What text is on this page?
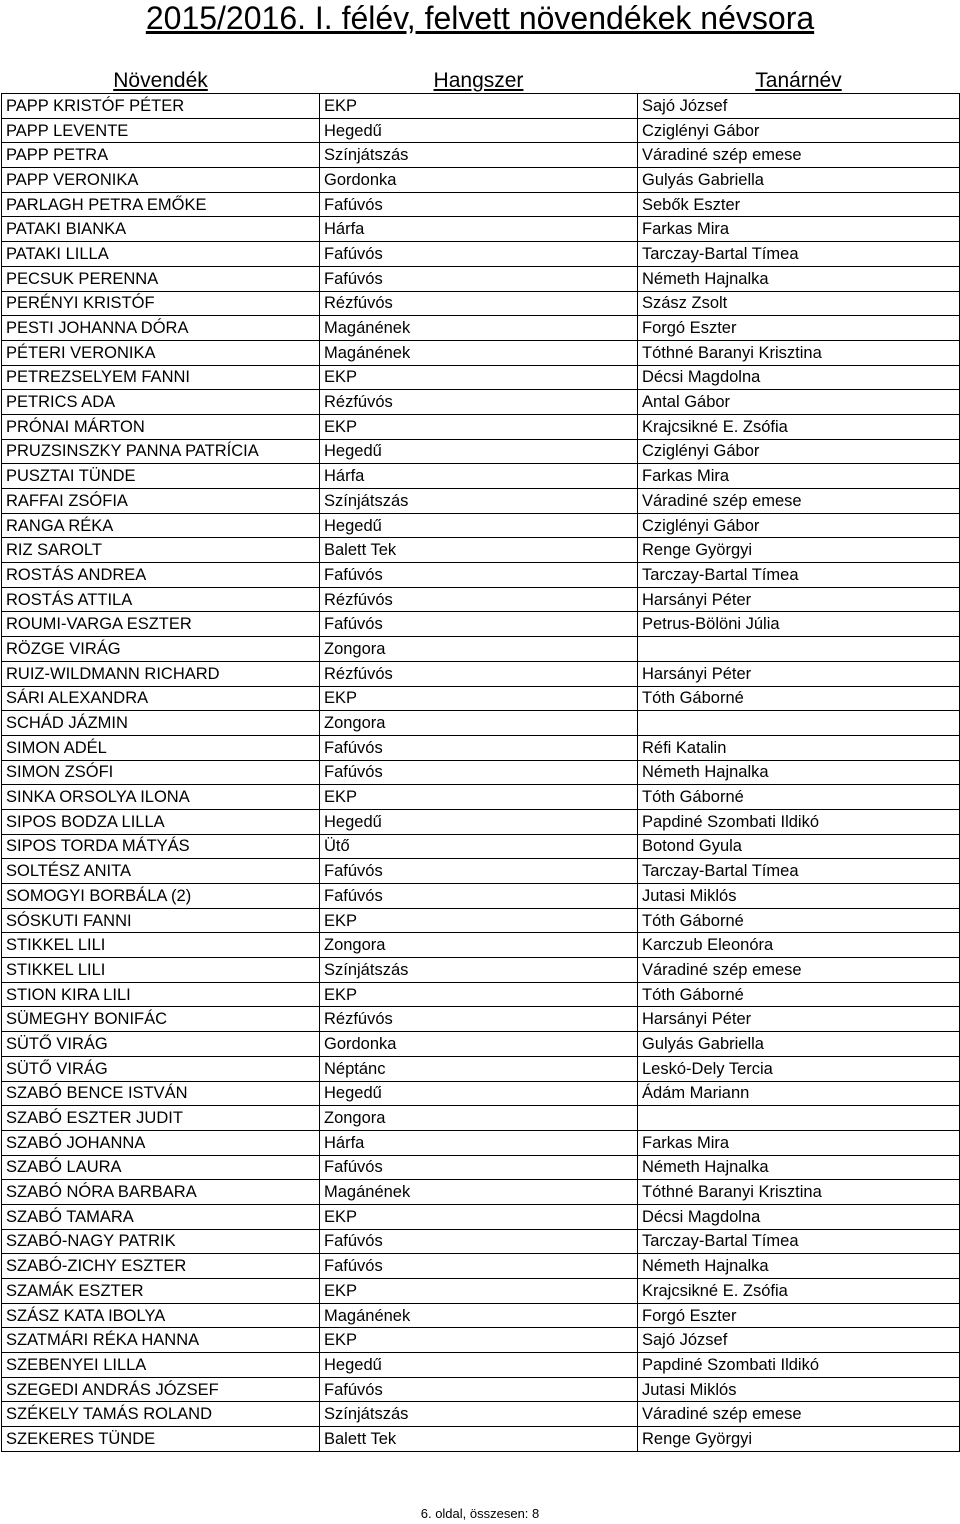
2015/2016. I. félév, felvett növendékek névsora
Növendék	Hangszer	Tanárnév
PAPP KRISTÓF PÉTER	EKP	Sajó József
PAPP LEVENTE	Hegedű	Cziglényi Gábor
PAPP PETRA	Színjátszás	Váradiné szép emese
PAPP VERONIKA	Gordonka	Gulyás Gabriella
PARLAGH PETRA EMŐKE	Fafúvós	Sebők Eszter
PATAKI BIANKA	Hárfa	Farkas Mira
PATAKI LILLA	Fafúvós	Tarczay-Bartal Tímea
PECSUK PERENNA	Fafúvós	Németh Hajnalka
PERÉNYI KRISTÓF	Rézfúvós	Szász Zsolt
PESTI JOHANNA DÓRA	Magánének	Forgó Eszter
PÉTERI VERONIKA	Magánének	Tóthné Baranyi Krisztina
PETREZSELYEM FANNI	EKP	Décsi Magdolna
PETRICS ADA	Rézfúvós	Antal Gábor
PRÓNAI MÁRTON	EKP	Krajcsikné E. Zsófia
PRUZSINSZKY PANNA PATRÍCIA	Hegedű	Cziglényi Gábor
PUSZTAI TÜNDE	Hárfa	Farkas Mira
RAFFAI ZSÓFIA	Színjátszás	Váradiné szép emese
RANGA RÉKA	Hegedű	Cziglényi Gábor
RIZ SAROLT	Balett Tek	Renge Györgyi
ROSTÁS ANDREA	Fafúvós	Tarczay-Bartal Tímea
ROSTÁS ATTILA	Rézfúvós	Harsányi Péter
ROUMI-VARGA ESZTER	Fafúvós	Petrus-Bölöni Júlia
RÖZGE VIRÁG	Zongora	
RUIZ-WILDMANN RICHARD	Rézfúvós	Harsányi Péter
SÁRI ALEXANDRA	EKP	Tóth Gáborné
SCHÁD JÁZMIN	Zongora	
SIMON ADÉL	Fafúvós	Réfi Katalin
SIMON ZSÓFI	Fafúvós	Németh Hajnalka
SINKA ORSOLYA ILONA	EKP	Tóth Gáborné
SIPOS BODZA LILLA	Hegedű	Papdiné Szombati Ildikó
SIPOS TORDA MÁTYÁS	Ütő	Botond Gyula
SOLTÉSZ ANITA	Fafúvós	Tarczay-Bartal Tímea
SOMOGYI BORBÁLA (2)	Fafúvós	Jutasi Miklós
SÓSKUTI FANNI	EKP	Tóth Gáborné
STIKKEL LILI	Zongora	Karczub Eleonóra
STIKKEL LILI	Színjátszás	Váradiné szép emese
STION KIRA LILI	EKP	Tóth Gáborné
SÜMEGHY BONIFÁC	Rézfúvós	Harsányi Péter
SÜTŐ VIRÁG	Gordonka	Gulyás Gabriella
SÜTŐ VIRÁG	Néptánc	Leskó-Dely Tercia
SZABÓ BENCE ISTVÁN	Hegedű	Ádám Mariann
SZABÓ ESZTER JUDIT	Zongora	
SZABÓ JOHANNA	Hárfa	Farkas Mira
SZABÓ LAURA	Fafúvós	Németh Hajnalka
SZABÓ NÓRA BARBARA	Magánének	Tóthné Baranyi Krisztina
SZABÓ TAMARA	EKP	Décsi Magdolna
SZABÓ-NAGY PATRIK	Fafúvós	Tarczay-Bartal Tímea
SZABÓ-ZICHY ESZTER	Fafúvós	Németh Hajnalka
SZAMÁK ESZTER	EKP	Krajcsikné E. Zsófia
SZÁSZ KATA IBOLYA	Magánének	Forgó Eszter
SZATMÁRI RÉKA HANNA	EKP	Sajó József
SZEBENYEI LILLA	Hegedű	Papdiné Szombati Ildikó
SZEGEDI ANDRÁS JÓZSEF	Fafúvós	Jutasi Miklós
SZÉKELY TAMÁS ROLAND	Színjátszás	Váradiné szép emese
SZEKERES TÜNDE	Balett Tek	Renge Györgyi
6. oldal, összesen: 8
